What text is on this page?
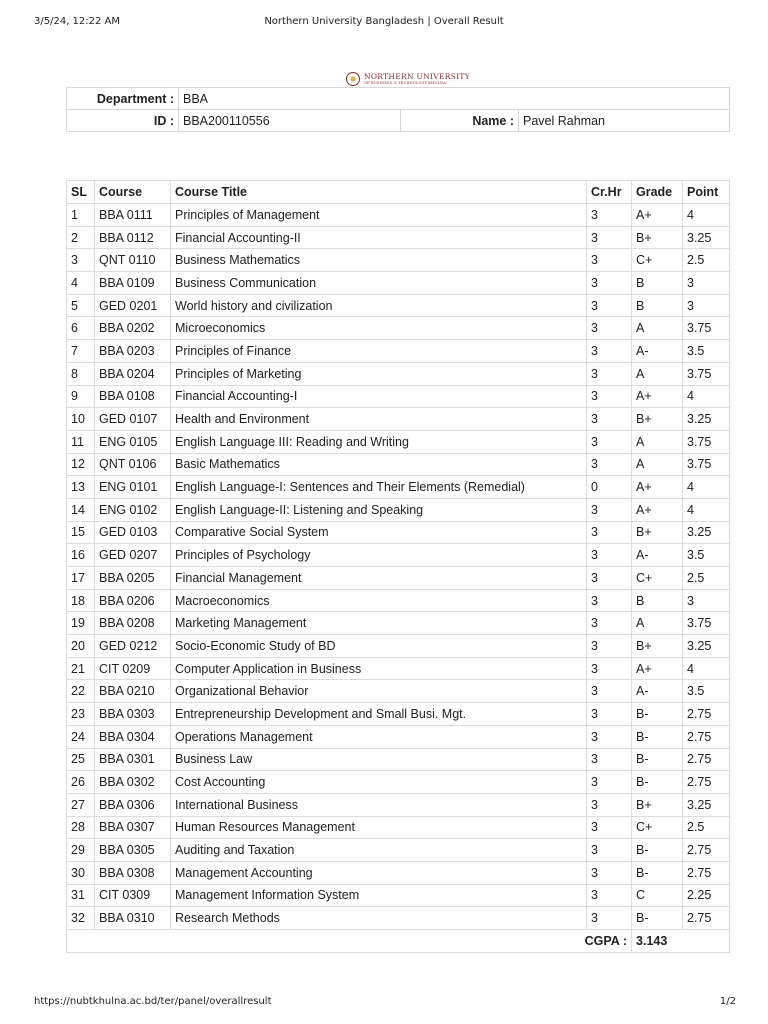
3/5/24, 12:22 AM	Northern University Bangladesh | Overall Result
NORTHERN UNIVERSITY
OF BUSINESS & TECHNOLOGY KHULNA
Department :	BBA		
ID :	BBA200110556	Name :	Pavel Rahman
SL	Course	Course Title	Cr.Hr	Grade	Point
1	BBA 0111	Principles of Management	3	A+	4
2	BBA 0112	Financial Accounting-II	3	B+	3.25
3	QNT 0110	Business Mathematics	3	C+	2.5
4	BBA 0109	Business Communication	3	B	3
5	GED 0201	World history and civilization	3	B	3
6	BBA 0202	Microeconomics	3	A	3.75
7	BBA 0203	Principles of Finance	3	A-	3.5
8	BBA 0204	Principles of Marketing	3	A	3.75
9	BBA 0108	Financial Accounting-I	3	A+	4
10	GED 0107	Health and Environment	3	B+	3.25
11	ENG 0105	English Language III: Reading and Writing	3	A	3.75
12	QNT 0106	Basic Mathematics	3	A	3.75
13	ENG 0101	English Language-I: Sentences and Their Elements (Remedial)	0	A+	4
14	ENG 0102	English Language-II: Listening and Speaking	3	A+	4
15	GED 0103	Comparative Social System	3	B+	3.25
16	GED 0207	Principles of Psychology	3	A-	3.5
17	BBA 0205	Financial Management	3	C+	2.5
18	BBA 0206	Macroeconomics	3	B	3
19	BBA 0208	Marketing Management	3	A	3.75
20	GED 0212	Socio-Economic Study of BD	3	B+	3.25
21	CIT 0209	Computer Application in Business	3	A+	4
22	BBA 0210	Organizational Behavior	3	A-	3.5
23	BBA 0303	Entrepreneurship Development and Small Busi. Mgt.	3	B-	2.75
24	BBA 0304	Operations Management	3	B-	2.75
25	BBA 0301	Business Law	3	B-	2.75
26	BBA 0302	Cost Accounting	3	B-	2.75
27	BBA 0306	International Business	3	B+	3.25
28	BBA 0307	Human Resources Management	3	C+	2.5
29	BBA 0305	Auditing and Taxation	3	B-	2.75
30	BBA 0308	Management Accounting	3	B-	2.75
31	CIT 0309	Management Information System	3	C	2.25
32	BBA 0310	Research Methods	3	B-	2.75
CGPA :				3.143	
https://nubtkhulna.ac.bd/ter/panel/overallresult	1/2
